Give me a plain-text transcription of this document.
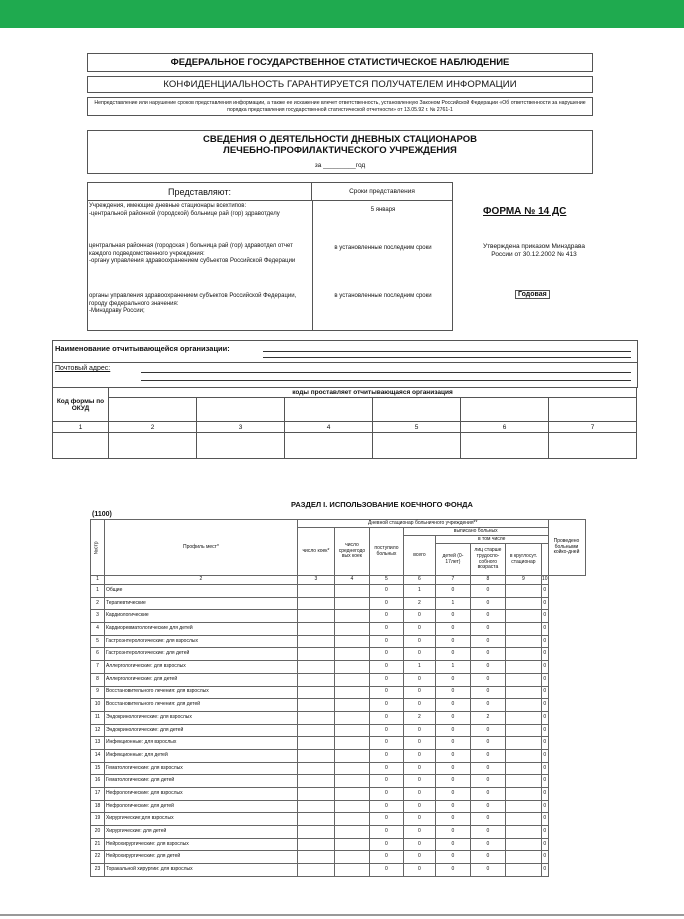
ФЕДЕРАЛЬНОЕ ГОСУДАРСТВЕННОЕ СТАТИСТИЧЕСКОЕ НАБЛЮДЕНИЕ
КОНФИДЕНЦИАЛЬНОСТЬ ГАРАНТИРУЕТСЯ ПОЛУЧАТЕЛЕМ ИНФОРМАЦИИ
Непредставление или нарушение сроков представления информации, а также ее искажение влечет ответственность, установленную Законом Российской Федерации «Об ответственности за нарушение порядка представления государственной статистической отчетности» от 13.05.92 г. № 2761-1
СВЕДЕНИЯ О ДЕЯТЕЛЬНОСТИ ДНЕВНЫХ СТАЦИОНАРОВ
ЛЕЧЕБНО-ПРОФИЛАКТИЧЕСКОГО УЧРЕЖДЕНИЯ
за _________год
Представляют:	Сроки представления
Учреждения, имеющие дневные стационары всехтипов:
-центральной районной (городской) больнице рай (гор) здравотделу
5 января
центральная районная (городская ) больница рай (гор) здравотдел отчет каждого подведомственного учреждения:
-органу управления здравоохранением субъектов Российской Федерации
в установленные последним сроки
органы управления здравоохранением субъектов Российской Федерации, городу федерального значения:
-Минздраву России;
в установленные последним сроки
ФОРМА № 14 ДС
Утверждена приказом Минздрава России от 30.12.2002 № 413
Годовая
Наименование отчитывающейся организации:
Почтовый адрес:
Код формы по ОКУД	коды проставляет отчитывающаяся организация					

1	2	3	4	5	6	7

РАЗДЕЛ I. ИСПОЛЬЗОВАНИЕ КОЕЧНОГО ФОНДА
(1100)
№стр	Профиль мест*	Дневной стационар больничного учреждения**								Проведено больными койко-дней
		число коек*	число среднегодо вых коек	поступило больных	выписано больных					
					всего	в том числе				
						детей (0-17лет)	лиц старше трудоспо- собного возраста	в круглосут. стационар		
1	2	3	4	5	6	7	8	9	10	
1	Общие			0	1	0	0		0	
2	Терапевтические			0	2	1	0		0	
3	Кардиологические			0	0	0	0		0	
4	Кардиоревматологические для детей			0	0	0	0		0	
5	Гастроэнтерологические: для взрослых			0	0	0	0		0	
6	Гастроэнтерологические: для детей			0	0	0	0		0	
7	Аллергологические: для взрослых			0	1	1	0		0	
8	Аллергологические: для детей			0	0	0	0		0	
9	Восстановительного лечения: для взрослых			0	0	0	0		0	
10	Восстановительного лечения: для детей			0	0	0	0		0	
11	Эндокринологические: для взрослых			0	2	0	2		0	
12	Эндокринологические: для детей			0	0	0	0		0	
13	Инфекционные: для взрослых			0	0	0	0		0	
14	Инфекционные: для детей			0	0	0	0		0	
15	Гематологические: для взрослых			0	0	0	0		0	
16	Гематологические: для детей			0	0	0	0		0	
17	Нефрологические: для взрослых			0	0	0	0		0	
18	Нефрологические: для детей			0	0	0	0		0	
19	Хирургические:для взрослых			0	0	0	0		0	
20	Хирургические: для детей			0	0	0	0		0	
21	Нейрохирургические: для взрослых			0	0	0	0		0	
22	Нейрохирургические: для детей			0	0	0	0		0	
23	Торакальной хирургии: для взрослых			0	0	0	0		0	
